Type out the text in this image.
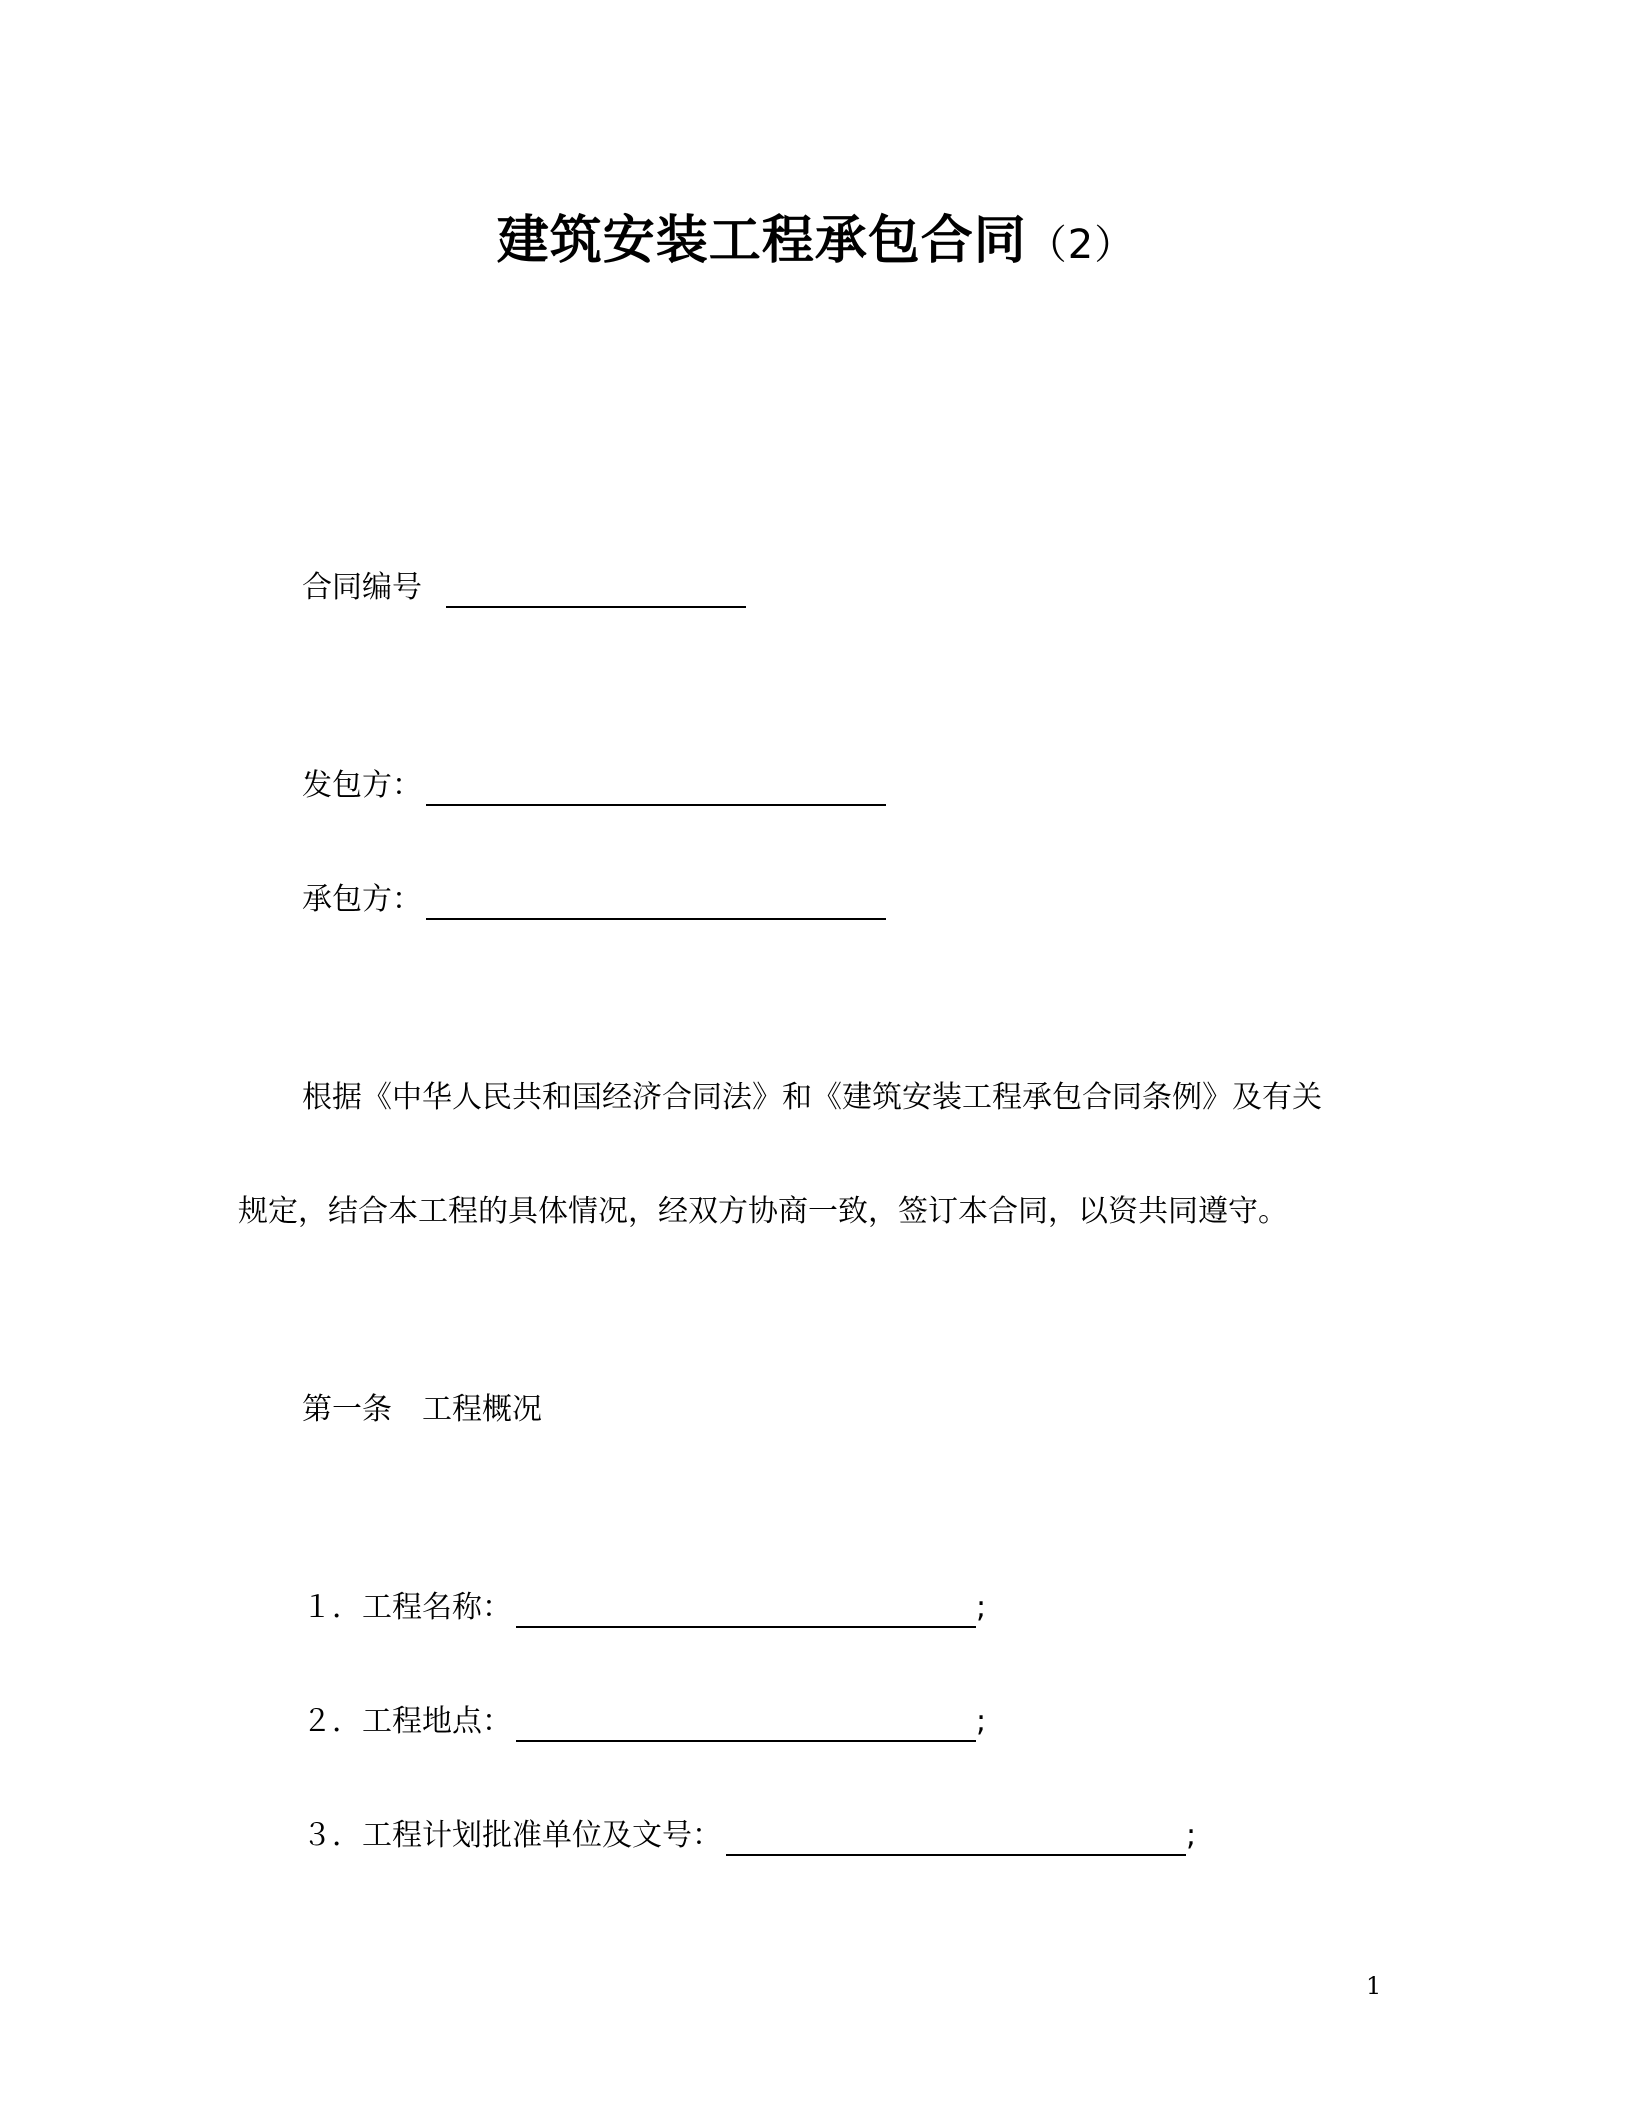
建筑安装工程承包合同（2）
合同编号
发包方：
承包方：
根据《中华人民共和国经济合同法》和《建筑安装工程承包合同条例》及有关
规定，结合本工程的具体情况，经双方协商一致，签订本合同，以资共同遵守。
第一条　工程概况
１．工程名称：	;
２．工程地点：	;
３．工程计划批准单位及文号：	;
1
